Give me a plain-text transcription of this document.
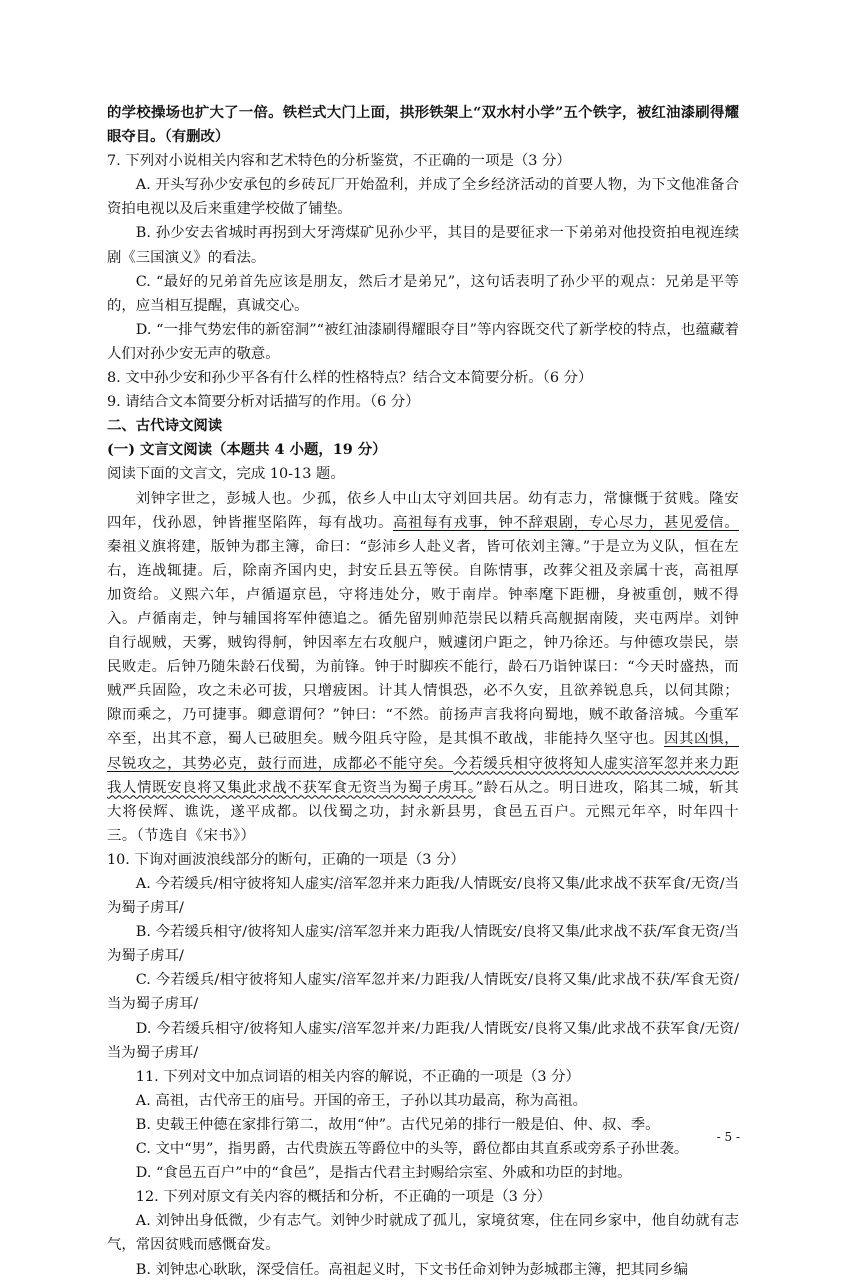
的学校操场也扩大了一倍。铁栏式大门上面，拱形铁架上“双水村小学”五个铁字，被红油漆刷得耀眼夺目。（有删改）

7. 下列对小说相关内容和艺术特色的分析鉴赏，不正确的一项是（3 分）

A. 开头写孙少安承包的乡砖瓦厂开始盈利，并成了全乡经济活动的首要人物，为下文他准备合资拍电视以及后来重建学校做了铺垫。

B. 孙少安去省城时再拐到大牙湾煤矿见孙少平，其目的是要征求一下弟弟对他投资拍电视连续剧《三国演义》的看法。

C. “最好的兄弟首先应该是朋友，然后才是弟兄”，这句话表明了孙少平的观点：兄弟是平等的，应当相互提醒，真诚交心。

D. “一排气势宏伟的新窑洞”“被红油漆刷得耀眼夺目”等内容既交代了新学校的特点，也蕴藏着人们对孙少安无声的敬意。

8. 文中孙少安和孙少平各有什么样的性格特点？结合文本简要分析。（6 分）

9. 请结合文本简要分析对话描写的作用。（6 分）

二、古代诗文阅读

(一) 文言文阅读（本题共 4 小题，19 分）

阅读下面的文言文，完成 10-13 题。

刘钟字世之，彭城人也。少孤，依乡人中山太守刘回共居。幼有志力，常慷慨于贫贱。隆安四年，伐孙恩，钟皆摧坚陷阵，每有战功。高祖每有戎事，钟不辞艰剧，专心尽力，甚见爱信。秦祖义旗将建，版钟为郡主簿，命曰：“彭沛乡人赴义者，皆可依刘主簿。”于是立为义队，恒在左右，连战辄捷。后，除南齐国内史，封安丘县五等侯。自陈情事，改葬父祖及亲属十丧，高祖厚加资给。义熙六年，卢循逼京邑，守将违处分，败于南岸。钟率麾下距栅，身被重创，贼不得入。卢循南走，钟与辅国将军仲德追之。循先留别帅范崇民以精兵高舰据南陵，夹屯两岸。刘钟自行觇贼，天雾，贼钩得舸，钟因率左右攻舰户，贼遽闭户距之，钟乃徐还。与仲德攻崇民，崇民败走。后钟乃随朱龄石伐蜀，为前锋。钟于时脚疾不能行，龄石乃诣钟谋曰：“今天时盛热，而贼严兵固险，攻之未必可拔，只增疲困。计其人情惧恐，必不久安，且欲养锐息兵，以伺其隙；隙而乘之，乃可捷事。卿意谓何？”钟曰：“不然。前扬声言我将向蜀地，贼不敢备涪城。今重军卒至，出其不意，蜀人已破胆矣。贼今阻兵守险，是其惧不敢战，非能持久坚守也。因其凶惧，尽锐攻之，其势必克，鼓行而进，成都必不能守矣。今若缓兵相守彼将知人虚实涪军忽并来力距我人情既安良将又集此求战不获军食无资当为蜀子虏耳。”龄石从之。明日进攻，陷其二城，斩其大将侯辉、谯诜，遂平成都。以伐蜀之功，封永新县男，食邑五百户。元熙元年卒，时年四十三。（节选自《宋书》）

10. 下询对画波浪线部分的断句，正确的一项是（3 分）

A. 今若缓兵/相守彼将知人虚实/涪军忽并来力距我/人情既安/良将又集/此求战不获军食/无资/当为蜀子虏耳/

B. 今若缓兵相守/彼将知人虚实/涪军忽并来力距我/人情既安/良将又集/此求战不获/军食无资/当为蜀子虏耳/

C. 今若缓兵/相守彼将知人虚实/涪军忽并来/力距我/人情既安/良将又集/此求战不获/军食无资/当为蜀子虏耳/

D. 今若缓兵相守/彼将知人虚实/涪军忽并来/力距我/人情既安/良将又集/此求战不获军食/无资/当为蜀子虏耳/

11. 下列对文中加点词语的相关内容的解说，不正确的一项是（3 分）

A. 高祖，古代帝王的庙号。开国的帝王，子孙以其功最高，称为高祖。

B. 史载王仲德在家排行第二，故用“仲”。古代兄弟的排行一般是伯、仲、叔、季。

C. 文中“男”，指男爵，古代贵族五等爵位中的头等，爵位都由其直系或旁系子孙世袭。

D. “食邑五百户”中的“食邑”，是指古代君主封赐给宗室、外戚和功臣的封地。

12. 下列对原文有关内容的概括和分析，不正确的一项是（3 分）

A. 刘钟出身低微，少有志气。刘钟少时就成了孤儿，家境贫寒，住在同乡家中，他自幼就有志气，常因贫贱而感慨奋发。

B. 刘钟忠心耿耿，深受信任。高祖起义时，下文书任命刘钟为彭城郡主簿，把其同乡编

- 5 -
